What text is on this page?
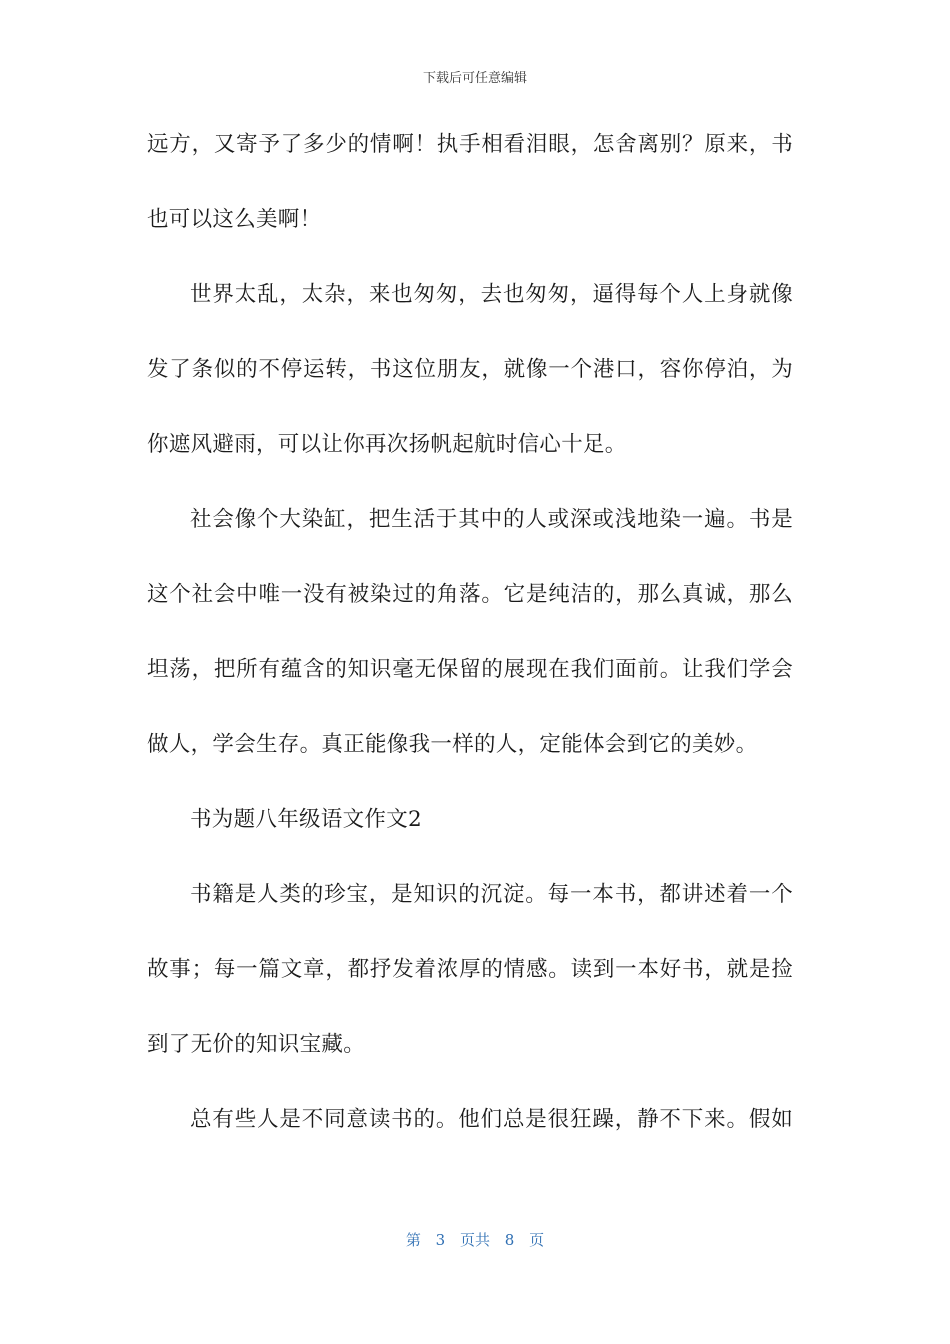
下载后可任意编辑
远方，又寄予了多少的情啊！执手相看泪眼，怎舍离别？原来，书
也可以这么美啊！
世界太乱，太杂，来也匆匆，去也匆匆，逼得每个人上身就像
发了条似的不停运转，书这位朋友，就像一个港口，容你停泊，为
你遮风避雨，可以让你再次扬帆起航时信心十足。
社会像个大染缸，把生活于其中的人或深或浅地染一遍。书是
这个社会中唯一没有被染过的角落。它是纯洁的，那么真诚，那么
坦荡，把所有蕴含的知识毫无保留的展现在我们面前。让我们学会
做人，学会生存。真正能像我一样的人，定能体会到它的美妙。
书为题八年级语文作文2
书籍是人类的珍宝，是知识的沉淀。每一本书，都讲述着一个
故事；每一篇文章，都抒发着浓厚的情感。读到一本好书，就是捡
到了无价的知识宝藏。
总有些人是不同意读书的。他们总是很狂躁，静不下来。假如
第 3 页共 8 页
